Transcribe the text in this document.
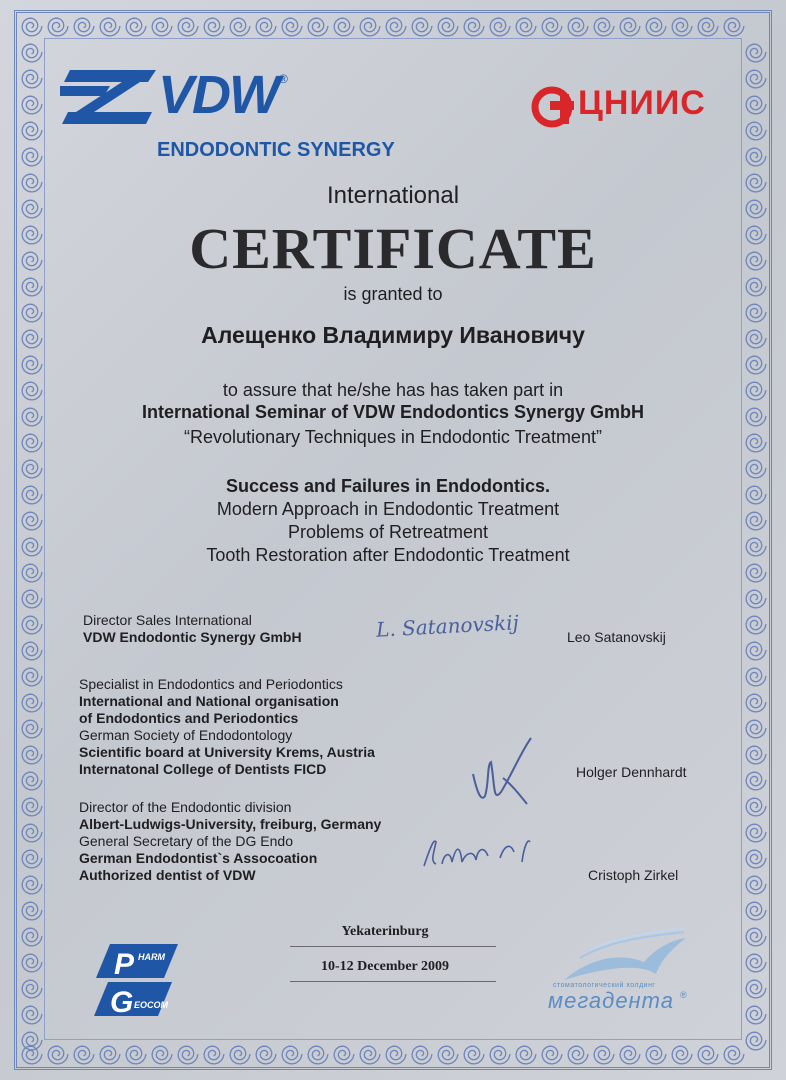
VDW ®
ENDODONTIC SYNERGY
ЦНИИС
International
CERTIFICATE
is granted to
Алещенко Владимиру Ивановичу
to assure that he/she has has taken part in
International Seminar of VDW Endodontics Synergy GmbH
“Revolutionary Techniques in Endodontic Treatment”
Success and Failures in Endodontics.
Modern Approach in Endodontic Treatment
Problems of Retreatment
Tooth Restoration after Endodontic Treatment
Director Sales International
VDW Endodontic Synergy GmbH	L. Satanovskij	Leo Satanovskij
Specialist in Endodontics and Periodontics
International and National organisation
of Endodontics and Periodontics
German Society of Endodontology
Scientific board at University Krems, Austria
Internatonal College of Dentists FICD	Holger Dennhardt
Director of the Endodontic division
Albert-Ludwigs-University, freiburg, Germany
General Secretary of the DG Endo
German Endodontist`s Assocoation
Authorized dentist of VDW	Cristoph Zirkel
Yekaterinburg
10-12 December 2009
P HARM
G EOCOM
стоматологический холдинг
мегадента ®
